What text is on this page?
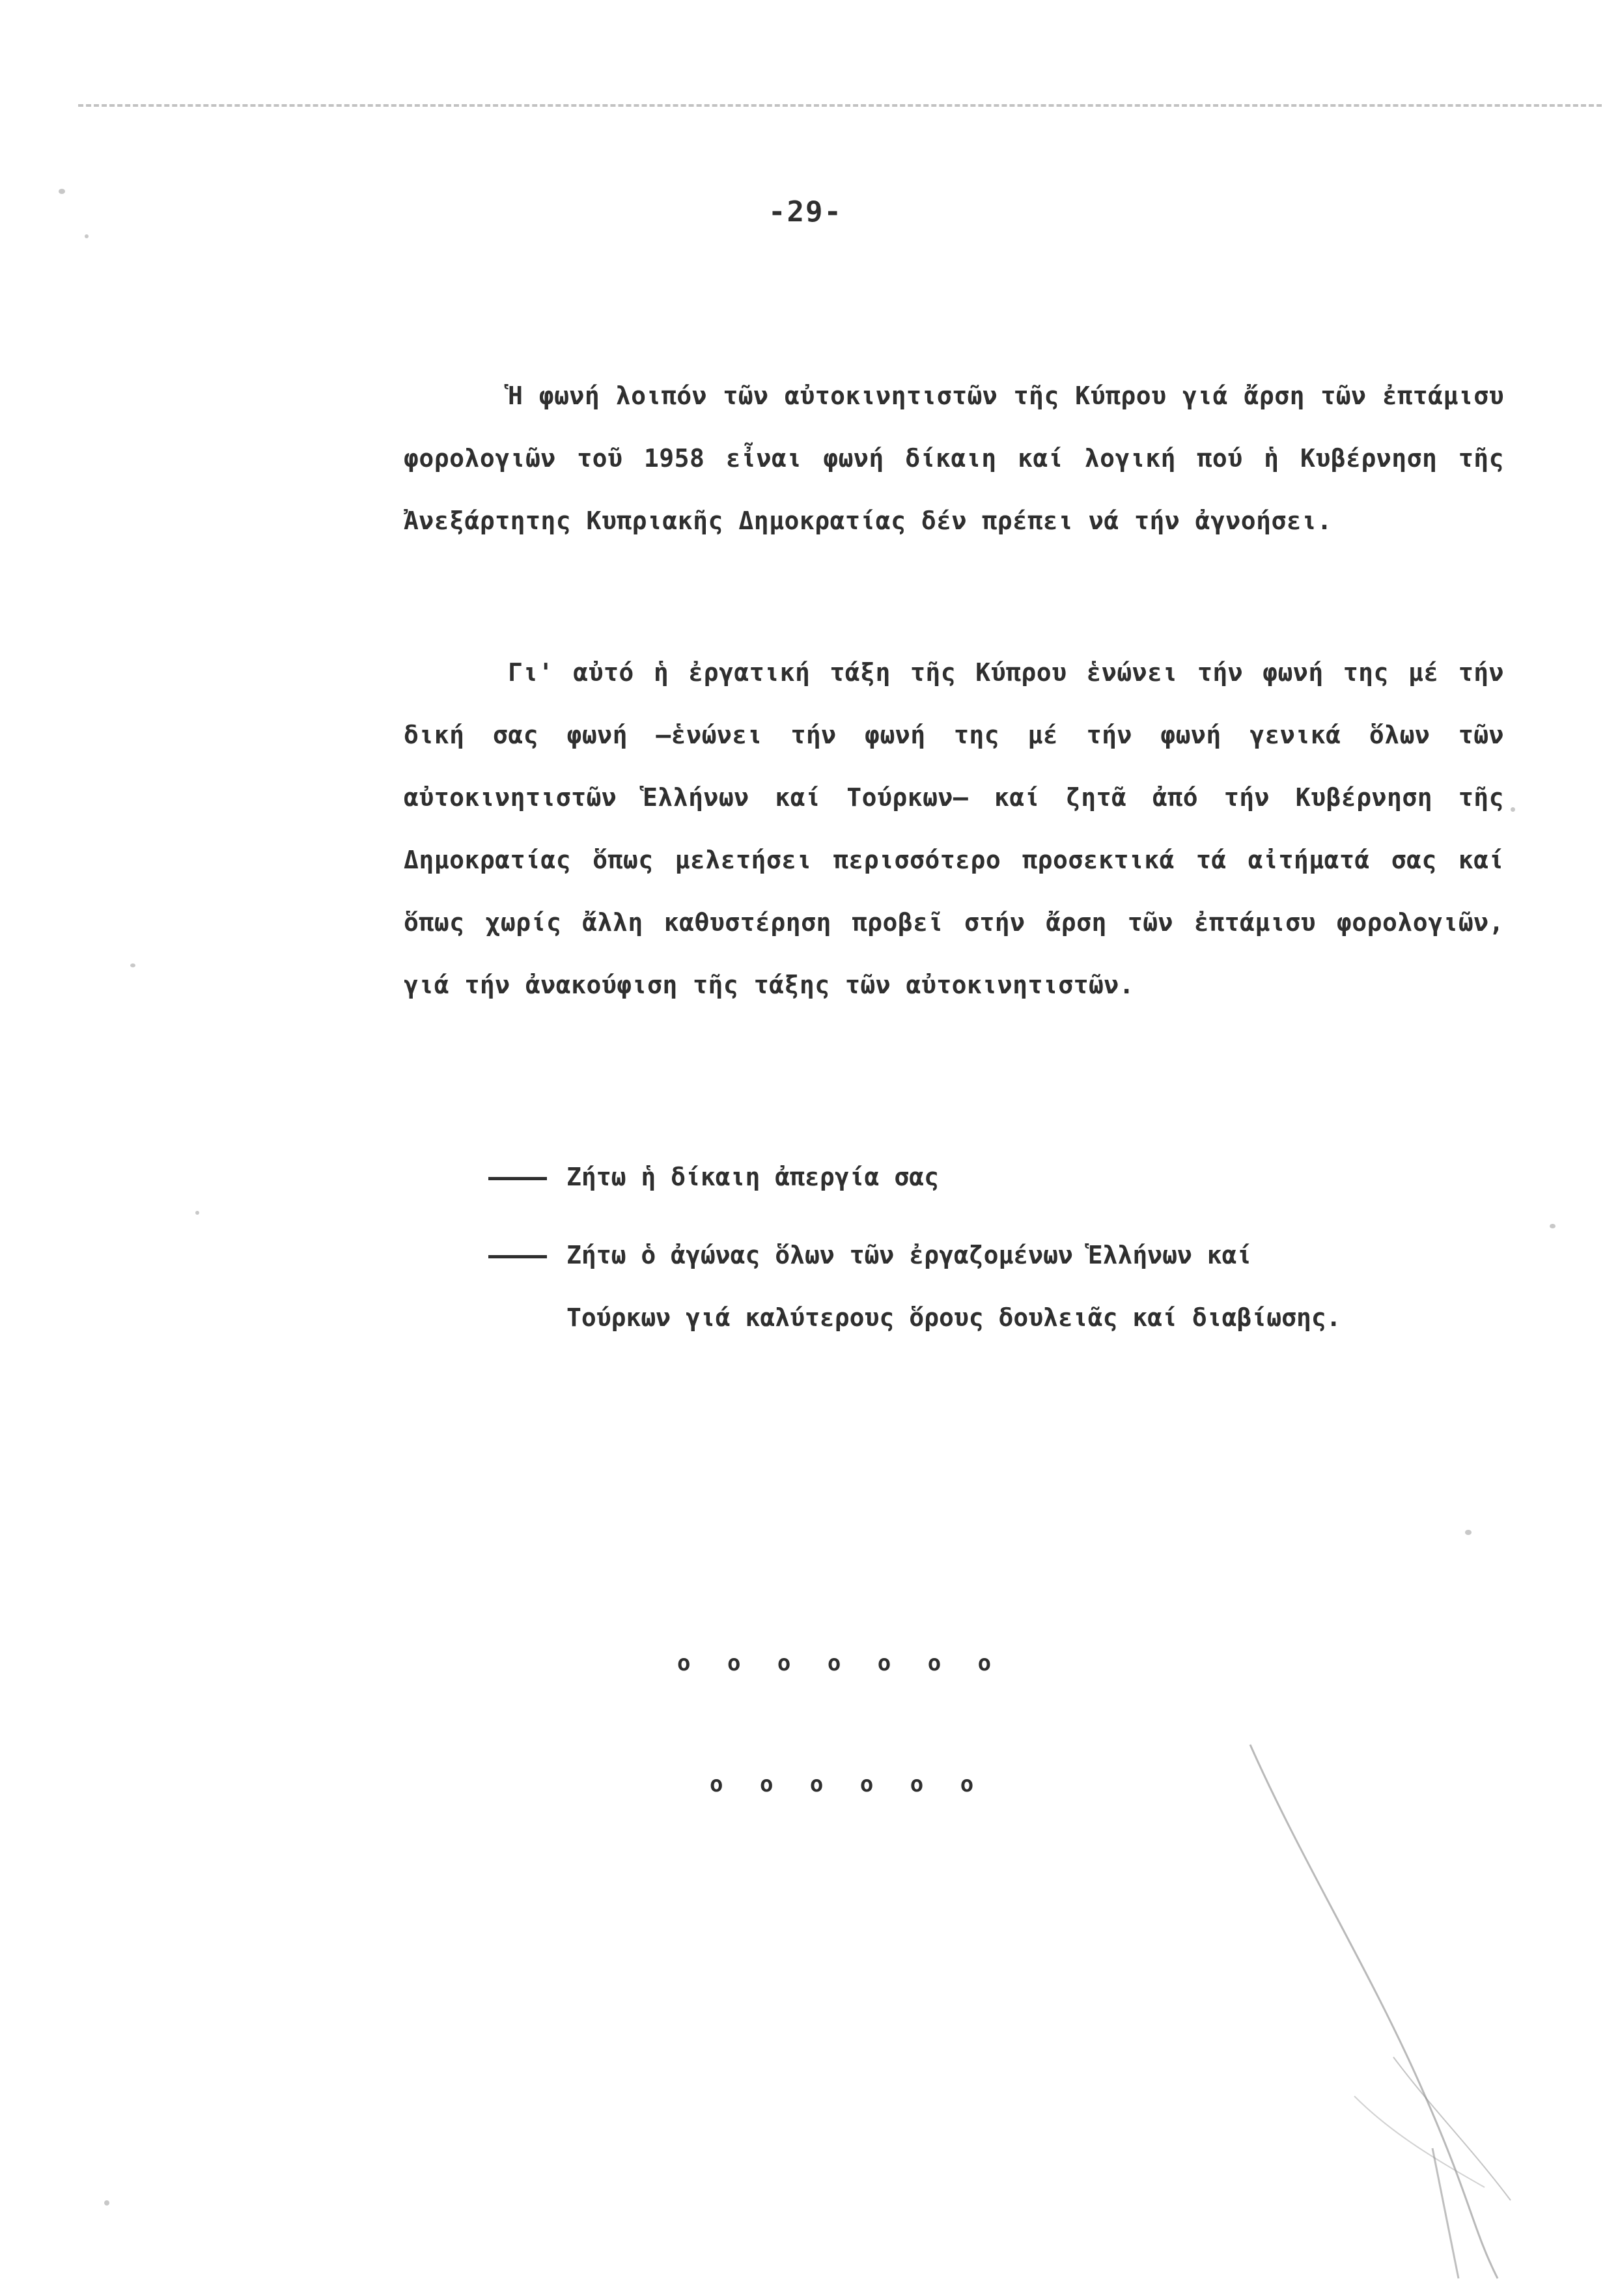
-29-

Ἡ φωνή λοιπόν τῶν αὐτοκινητιστῶν τῆς Κύπρου γιά ἄρση τῶν ἐπτάμισυ φορολογιῶν τοῦ 1958 εἶναι φωνή δίκαιη καί λογική πού ἡ Κυβέρνηση τῆς Ἀνεξάρτητης Κυπριακῆς Δημοκρατίας δέν πρέπει νά τήν ἀγνοήσει.

Γι' αὐτό ἡ ἐργατική τάξη τῆς Κύπρου ἑνώνει τήν φωνή της μέ τήν δική σας φωνή —ἑνώνει τήν φωνή της μέ τήν φωνή γενικά ὅλων τῶν αὐτοκινητιστῶν Ἑλλήνων καί Τούρκων— καί ζητᾶ ἀπό τήν Κυβέρνηση τῆς Δημοκρατίας ὅπως μελετήσει περισσότερο προσεκτικά τά αἰτήματά σας καί ὅπως χωρίς ἄλλη καθυστέρηση προβεῖ στήν ἄρση τῶν ἐπτάμισυ φορολογιῶν, γιά τήν ἀνακούφιση τῆς τάξης τῶν αὐτοκινητιστῶν.

Ζήτω ἡ δίκαιη ἀπεργία σας
Ζήτω ὁ ἀγώνας ὅλων τῶν ἐργαζομένων Ἑλλήνων καί
Τούρκων γιά καλύτερους ὅρους δουλειᾶς καί διαβίωσης.

o o o o o o o

o o o o o o
